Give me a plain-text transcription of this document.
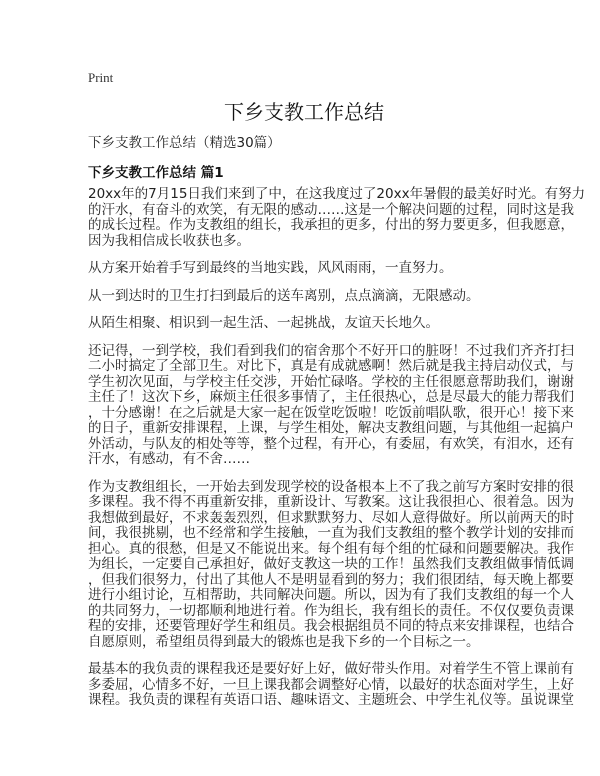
Print
下乡支教工作总结
下乡支教工作总结（精选30篇）
下乡支教工作总结 篇1
20xx年的7月15日我们来到了中，在这我度过了20xx年暑假的最美好时光。有努力
的汗水，有奋斗的欢笑，有无限的感动……这是一个解决问题的过程，同时这是我
的成长过程。作为支教组的组长，我承担的更多，付出的努力要更多，但我愿意，
因为我相信成长收获也多。
从方案开始着手写到最终的当地实践，风风雨雨，一直努力。
从一到达时的卫生打扫到最后的送车离别，点点滴滴，无限感动。
从陌生相聚、相识到一起生活、一起挑战，友谊天长地久。
还记得，一到学校，我们看到我们的宿舍那个不好开口的脏呀！不过我们齐齐打扫
二小时搞定了全部卫生。对比下，真是有成就感啊！然后就是我主持启动仪式，与
学生初次见面，与学校主任交涉，开始忙碌咯。学校的主任很愿意帮助我们，谢谢
主任了！这次下乡，麻烦主任很多事情了，主任很热心，总是尽最大的能力帮我们
，十分感谢！在之后就是大家一起在饭堂吃饭啦！吃饭前唱队歌，很开心！接下来
的日子，重新安排课程，上课，与学生相处，解决支教组问题，与其他组一起搞户
外活动，与队友的相处等等，整个过程，有开心，有委屈，有欢笑，有泪水，还有
汗水，有感动，有不舍……
作为支教组组长，一开始去到发现学校的设备根本上不了我之前写方案时安排的很
多课程。我不得不再重新安排，重新设计、写教案。这让我很担心、很着急。因为
我想做到最好，不求轰轰烈烈，但求默默努力、尽如人意得做好。所以前两天的时
间，我很挑剔，也不经常和学生接触，一直为我们支教组的整个教学计划的安排而
担心。真的很愁，但是又不能说出来。每个组有每个组的忙碌和问题要解决。我作
为组长，一定要自己承担好，做好支教这一块的工作！虽然我们支教组做事情低调
，但我们很努力，付出了其他人不是明显看到的努力；我们很团结，每天晚上都要
进行小组讨论，互相帮助，共同解决问题。所以，因为有了我们支教组的每一个人
的共同努力，一切都顺利地进行着。作为组长，我有组长的责任。不仅仅要负责课
程的安排，还要管理好学生和组员。我会根据组员不同的特点来安排课程，也结合
自愿原则，希望组员得到最大的锻炼也是我下乡的一个目标之一。
最基本的我负责的课程我还是要好好上好，做好带头作用。对着学生不管上课前有
多委屈，心情多不好，一旦上课我都会调整好心情，以最好的状态面对学生，上好
课程。我负责的课程有英语口语、趣味语文、主题班会、中学生礼仪等。虽说课堂
